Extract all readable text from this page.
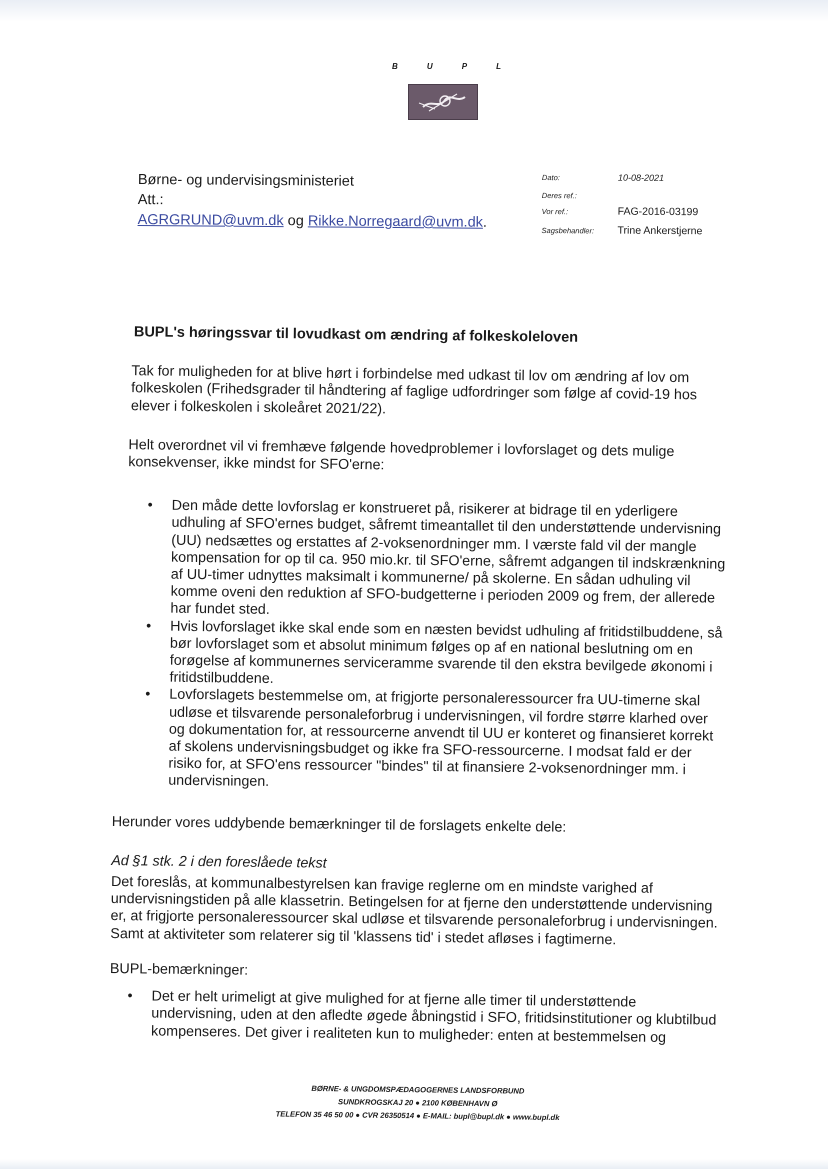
B	U	P	L
Børne- og undervisingsministeriet
Att.:
AGRGRUND@uvm.dk og Rikke.Norregaard@uvm.dk.
Dato:	10-08-2021
Deres ref.:
Vor ref.:	FAG-2016-03199
Sagsbehandler:	Trine Ankerstjerne

BUPL's høringssvar til lovudkast om ændring af folkeskoleloven

Tak for muligheden for at blive hørt i forbindelse med udkast til lov om ændring af lov om folkeskolen (Frihedsgrader til håndtering af faglige udfordringer som følge af covid-19 hos elever i folkeskolen i skoleåret 2021/22).

Helt overordnet vil vi fremhæve følgende hovedproblemer i lovforslaget og dets mulige konsekvenser, ikke mindst for SFO'erne:

• Den måde dette lovforslag er konstrueret på, risikerer at bidrage til en yderligere udhuling af SFO'ernes budget, såfremt timeantallet til den understøttende undervisning (UU) nedsættes og erstattes af 2-voksenordninger mm. I værste fald vil der mangle kompensation for op til ca. 950 mio.kr. til SFO'erne, såfremt adgangen til indskrænkning af UU-timer udnyttes maksimalt i kommunerne/ på skolerne. En sådan udhuling vil komme oveni den reduktion af SFO-budgetterne i perioden 2009 og frem, der allerede har fundet sted.
• Hvis lovforslaget ikke skal ende som en næsten bevidst udhuling af fritidstilbuddene, så bør lovforslaget som et absolut minimum følges op af en national beslutning om en forøgelse af kommunernes serviceramme svarende til den ekstra bevilgede økonomi i fritidstilbuddene.
• Lovforslagets bestemmelse om, at frigjorte personaleressourcer fra UU-timerne skal udløse et tilsvarende personaleforbrug i undervisningen, vil fordre større klarhed over og dokumentation for, at ressourcerne anvendt til UU er konteret og finansieret korrekt af skolens undervisningsbudget og ikke fra SFO-ressourcerne. I modsat fald er der risiko for, at SFO'ens ressourcer "bindes" til at finansiere 2-voksenordninger mm. i undervisningen.

Herunder vores uddybende bemærkninger til de forslagets enkelte dele:

Ad §1 stk. 2 i den foreslåede tekst

Det foreslås, at kommunalbestyrelsen kan fravige reglerne om en mindste varighed af undervisningstiden på alle klassetrin. Betingelsen for at fjerne den understøttende undervisning er, at frigjorte personaleressourcer skal udløse et tilsvarende personaleforbrug i undervisningen. Samt at aktiviteter som relaterer sig til 'klassens tid' i stedet afløses i fagtimerne.

BUPL-bemærkninger:

• Det er helt urimeligt at give mulighed for at fjerne alle timer til understøttende undervisning, uden at den afledte øgede åbningstid i SFO, fritidsinstitutioner og klubtilbud kompenseres. Det giver i realiteten kun to muligheder: enten at bestemmelsen og
BØRNE- & UNGDOMSPÆDAGOGERNES LANDSFORBUND
SUNDKROGSKAJ 20 ● 2100 KØBENHAVN Ø
TELEFON 35 46 50 00 ● CVR 26350514 ● E-MAIL: bupl@bupl.dk ● www.bupl.dk
